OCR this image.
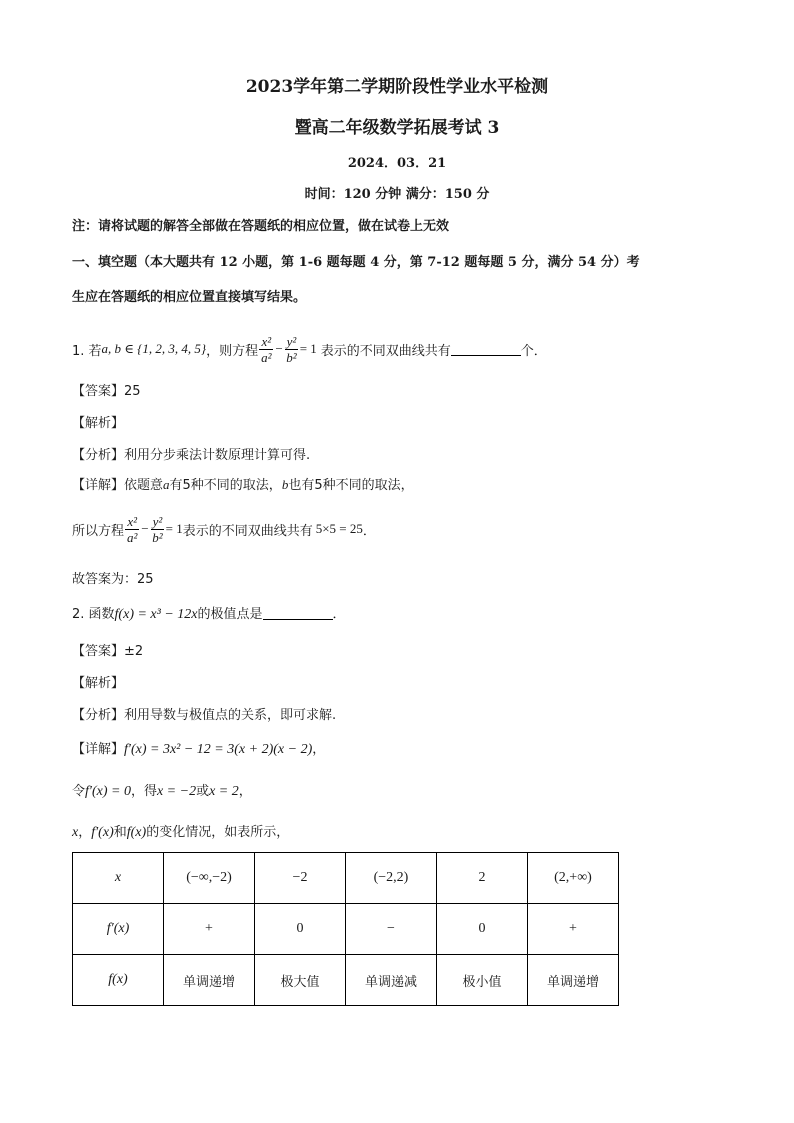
2023学年第二学期阶段性学业水平检测
暨高二年级数学拓展考试 3
2024．03．21
时间：120 分钟 满分：150 分
注：请将试题的解答全部做在答题纸的相应位置，做在试卷上无效
一、填空题（本大题共有 12 小题，第 1-6 题每题 4 分，第 7-12 题每题 5 分，满分 54 分）考
生应在答题纸的相应位置直接填写结果。
1. 若 a, b ∈ {1, 2, 3, 4, 5} ，则方程 $\frac{\text{x²}}{\text{a²}} - \frac{\text{y²}}{\text{b²}} = 1$ 表示的不同双曲线共有	个．
【答案】25
【解析】
【分析】利用分步乘法计数原理计算可得.
【详解】依题意a有5种不同的取法，b也有5种不同的取法，
所以方程 $\frac{\text{x²}}{\text{a²}} - \frac{\text{y²}}{\text{b²}} = 1$ 表示的不同双曲线共有 5×5 = 25 ．
故答案为：25
2. 函数f(x) = x³ − 12x的极值点是	．
【答案】±2
【解析】
【分析】利用导数与极值点的关系，即可求解.
【详解】f′(x) = 3x² − 12 = 3(x + 2)(x − 2)，
令f′(x) = 0，得x = −2或x = 2，
x，f′(x)和f(x)的变化情况，如表所示，
x	(−∞,−2)	−2	(−2,2)	2	(2,+∞)
f′(x)	+	0	−	0	+
f(x)	单调递增	极大值	单调递减	极小值	单调递增
